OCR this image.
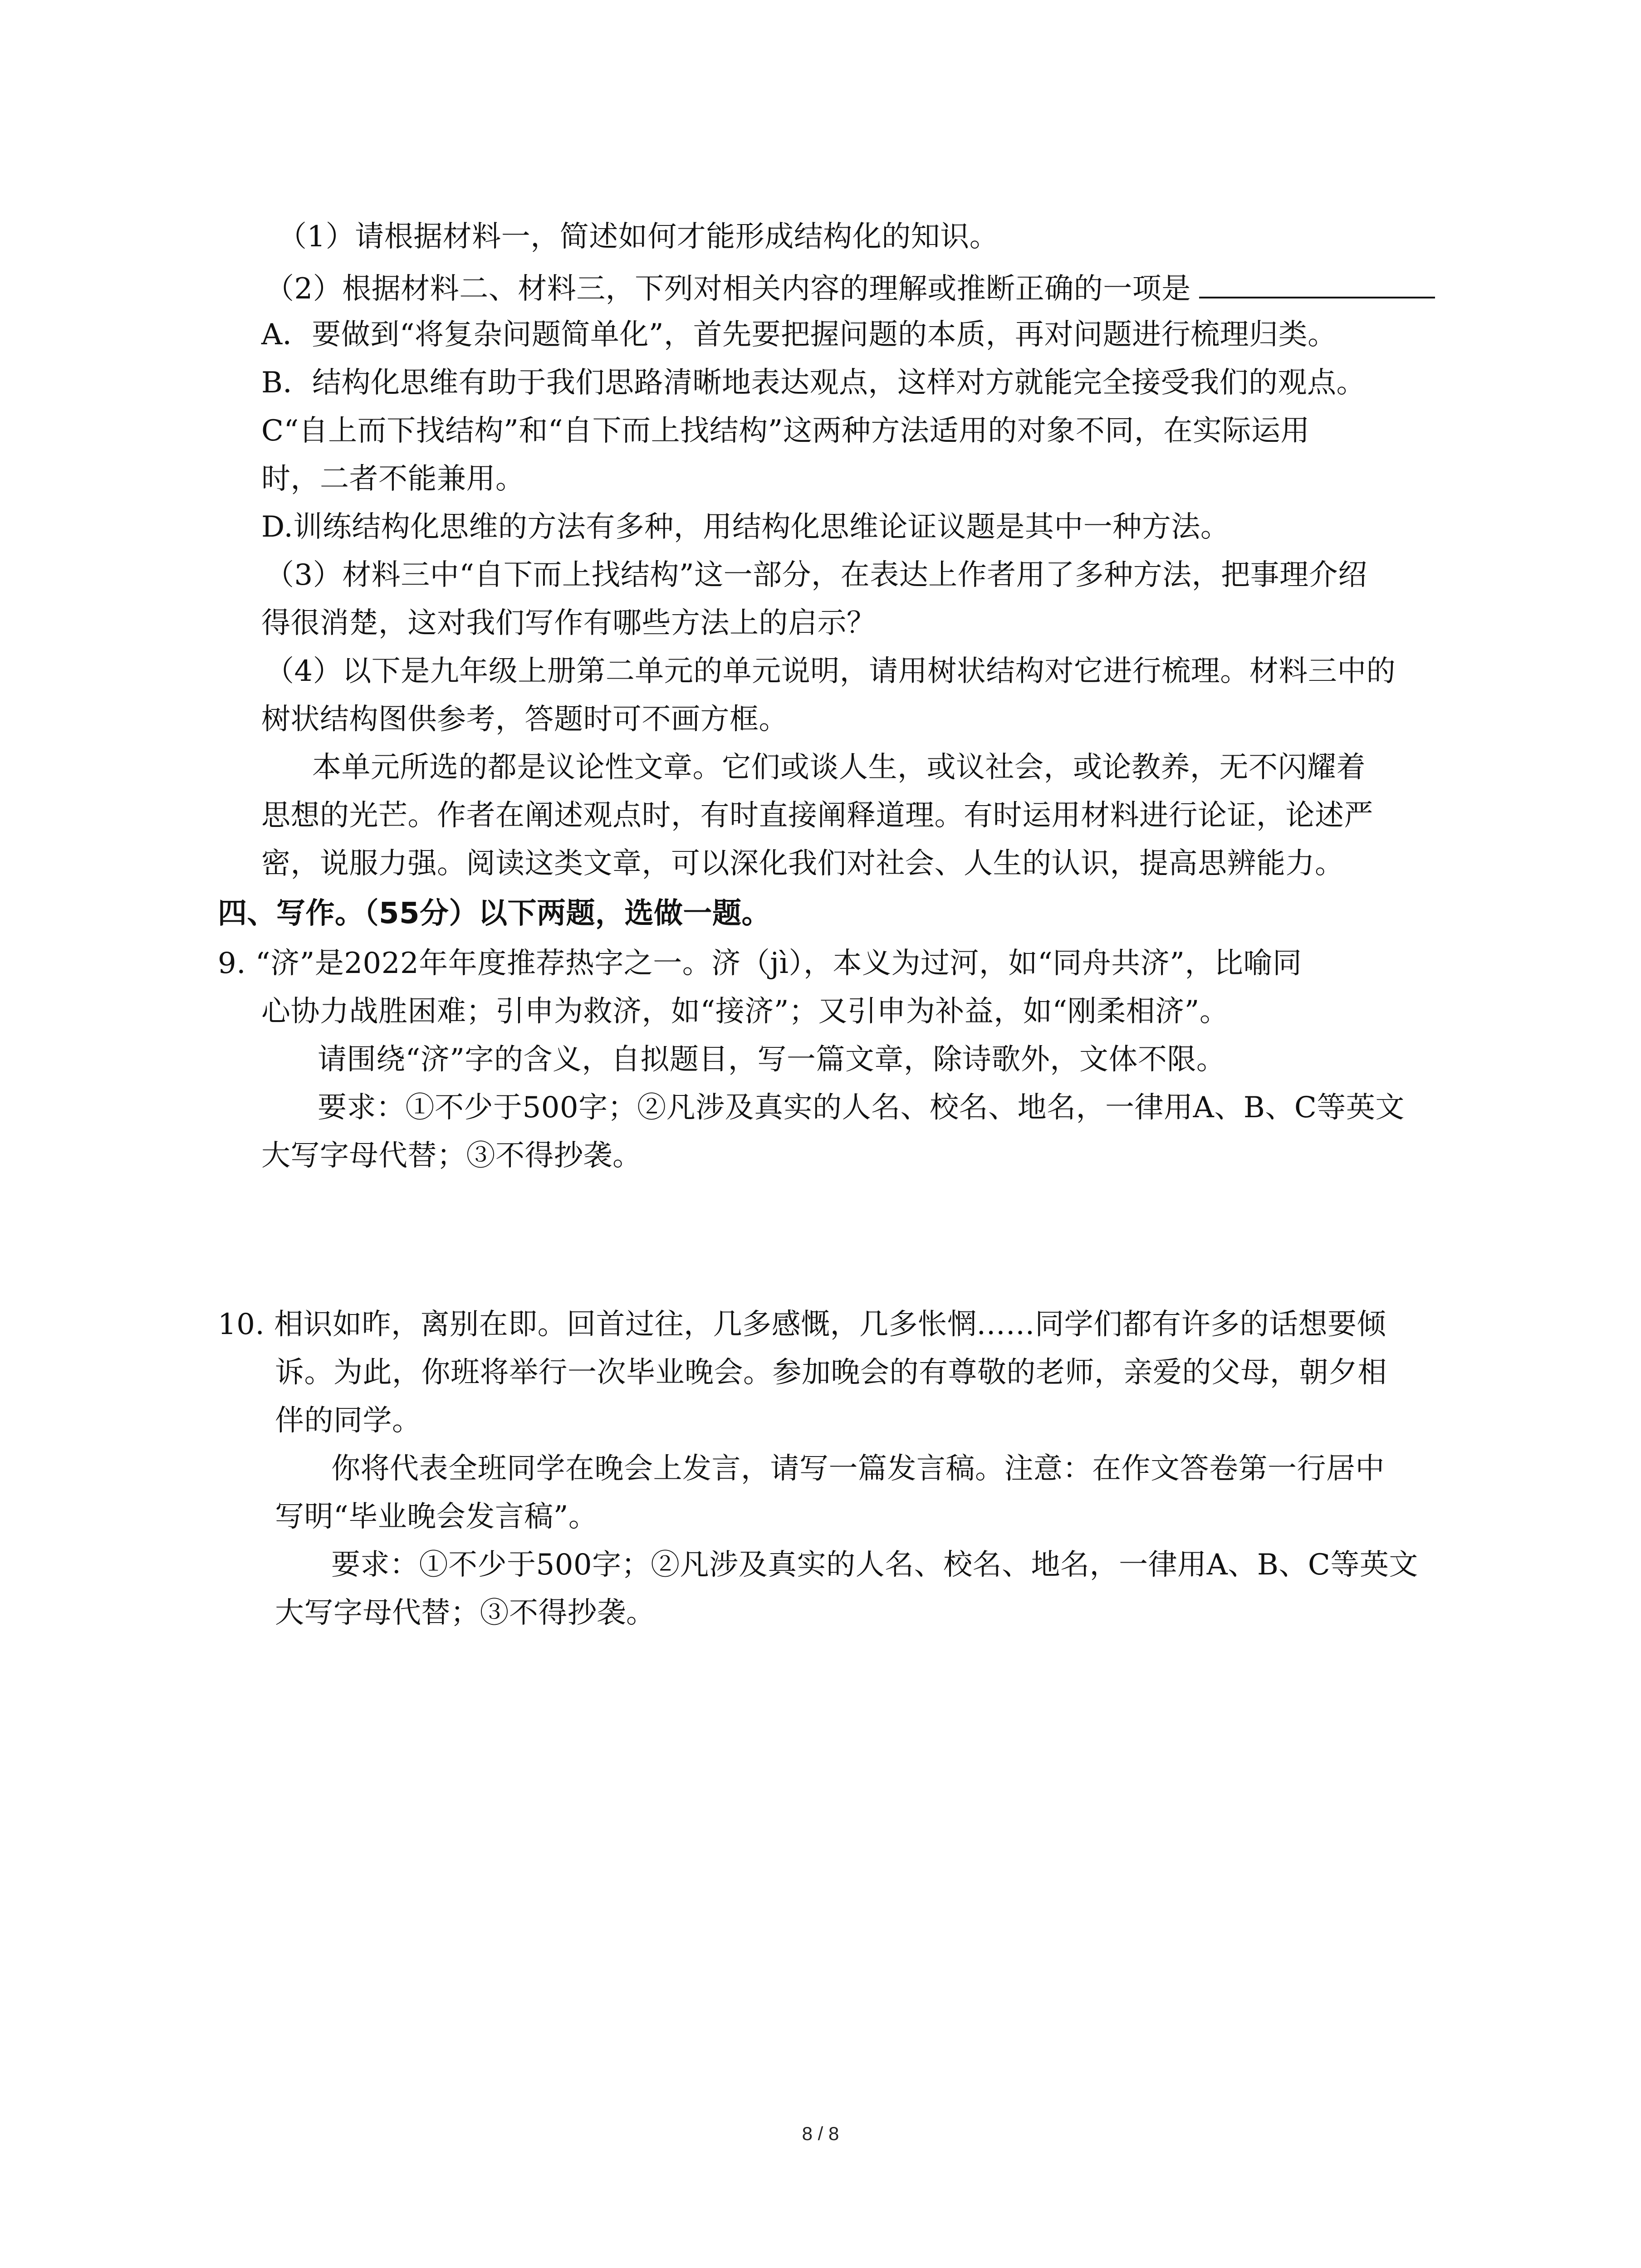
（1）请根据材料一，简述如何才能形成结构化的知识。
（2）根据材料二、材料三，下列对相关内容的理解或推断正确的一项是
A．要做到“将复杂问题简单化”，首先要把握问题的本质，再对问题进行梳理归类。
B．结构化思维有助于我们思路清晰地表达观点，这样对方就能完全接受我们的观点。
C“自上而下找结构”和“自下而上找结构”这两种方法适用的对象不同，在实际运用
时，二者不能兼用。
D.训练结构化思维的方法有多种，用结构化思维论证议题是其中一种方法。
（3）材料三中“自下而上找结构”这一部分，在表达上作者用了多种方法，把事理介绍
得很消楚，这对我们写作有哪些方法上的启示？
（4）以下是九年级上册第二单元的单元说明，请用树状结构对它进行梳理。材料三中的
树状结构图供参考，答题时可不画方框。
本单元所选的都是议论性文章。它们或谈人生，或议社会，或论教养，无不闪耀着
思想的光芒。作者在阐述观点时，有时直接阐释道理。有时运用材料进行论证，论述严
密，说服力强。阅读这类文章，可以深化我们对社会、人生的认识，提高思辨能力。
四、写作。（55分）以下两题，选做一题。
9. “济”是2022年年度推荐热字之一。济（jì），本义为过河，如“同舟共济”，比喻同
心协力战胜困难；引申为救济，如“接济”；又引申为补益，如“刚柔相济”。
请围绕“济”字的含义，自拟题目，写一篇文章，除诗歌外，文体不限。
要求：①不少于500字；②凡涉及真实的人名、校名、地名，一律用A、B、C等英文
大写字母代替；③不得抄袭。
10. 相识如昨，离别在即。回首过往，几多感慨，几多怅惘……同学们都有许多的话想要倾
诉。为此，你班将举行一次毕业晚会。参加晚会的有尊敬的老师，亲爱的父母，朝夕相
伴的同学。
你将代表全班同学在晚会上发言，请写一篇发言稿。注意：在作文答卷第一行居中
写明“毕业晚会发言稿”。
要求：①不少于500字；②凡涉及真实的人名、校名、地名，一律用A、B、C等英文
大写字母代替；③不得抄袭。
8 / 8
